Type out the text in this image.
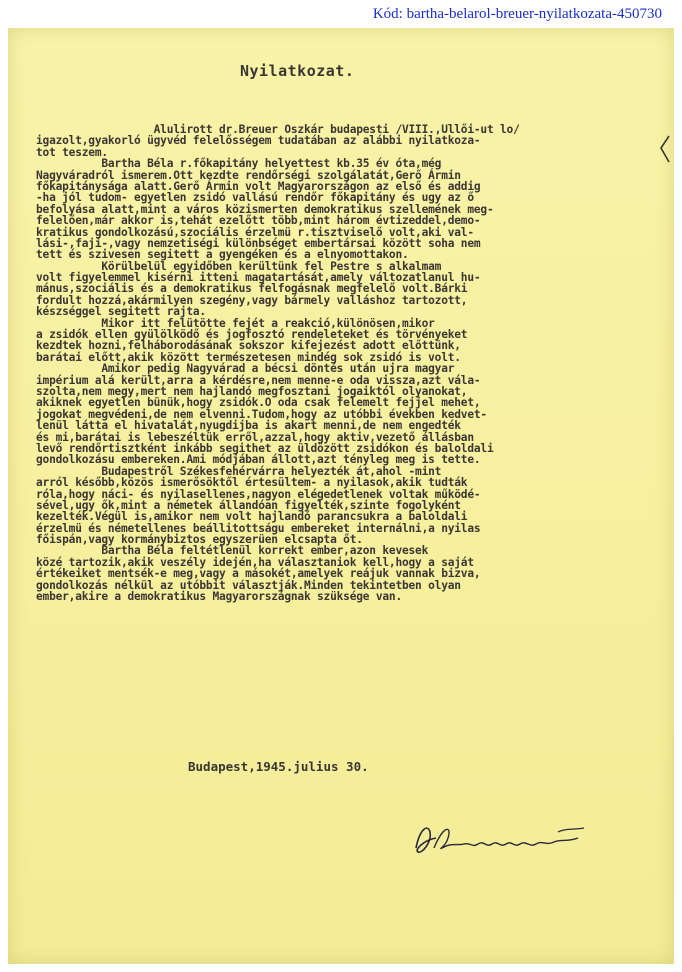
Kód: bartha-belarol-breuer-nyilatkozata-450730
Nyilatkozat.
Alulirott dr.Breuer Oszkár budapesti /VIII.,Ullői-ut lo/
igazolt,gyakorló ügyvéd felelősségem tudatában az alábbi nyilatkoza-
tot teszem.
Bartha Béla r.főkapitány helyettest kb.35 év óta,még
Nagyváradról ismerem.Ott kezdte rendőrségi szolgálatát,Gerő Ármin
főkapitánysága alatt.Gerő Ármin volt Magyarországon az első és addig
-ha jól tudom- egyetlen zsidó vallású rendőr főkapitány és ugy az ő
befolyása alatt,mint a város közismerten demokratikus szellemének meg-
felelően,már akkor is,tehát ezelőtt több,mint három évtizeddel,demo-
kratikus gondolkozású,szociális érzelmü r.tisztviselő volt,aki val-
lási-,faji-,vagy nemzetiségi különbséget embertársai között soha nem
tett és szivesen segitett a gyengéken és a elnyomottakon.
Körülbelül egyidőben kerültünk fel Pestre s alkalmam
volt figyelemmel kisérni itteni magatartását,amely változatlanul hu-
mánus,szociális és a demokratikus felfogásnak megfelelő volt.Bárki
fordult hozzá,akármilyen szegény,vagy bármely valláshoz tartozott,
készséggel segitett rajta.
Mikor itt felütötte fejét a reakció,különösen,mikor
a zsidók ellen gyülölködő és jogfosztó rendeleteket és törvényeket
kezdtek hozni,felháborodásának sokszor kifejezést adott előttünk,
barátai előtt,akik között természetesen mindég sok zsidó is volt.
Amikor pedig Nagyvárad a bécsi döntés után ujra magyar
impérium alá került,arra a kérdésre,nem menne-e oda vissza,azt vála-
szolta,nem megy,mert nem hajlandó megfosztani jogaiktól olyanokat,
akiknek egyetlen bünük,hogy zsidók.O oda csak felemelt fejjel mehet,
jogokat megvédeni,de nem elvenni.Tudom,hogy az utóbbi években kedvet-
lenül látta el hivatalát,nyugdijba is akart menni,de nem engedték
és mi,barátai is lebeszéltük erről,azzal,hogy aktiv,vezető állásban
levő rendőrtisztként inkább segithet az üldözött zsidókon és baloldali
gondolkozásu embereken.Ami módjában állott,azt tényleg meg is tette.
Budapestről Székesfehérvárra helyezték át,ahol -mint
arról később,közös ismerősöktől értesültem- a nyilasok,akik tudták
róla,hogy náci- és nyilasellenes,nagyon elégedetlenek voltak működé-
sével,ugy ők,mint a németek állandóan figyelték,szinte fogolyként
kezelték.Végül is,amikor nem volt hajlandó parancsukra a baloldali
érzelmü és németellenes beállitottságu embereket internálni,a nyilas
főispán,vagy kormánybiztos egyszerüen elcsapta őt.
Bartha Béla feltétlenül korrekt ember,azon kevesek
közé tartozik,akik veszély idején,ha választaniok kell,hogy a saját
értékeiket mentsék-e meg,vagy a másokét,amelyek reájuk vannak bizva,
gondolkozás nélkül az utóbbit választják.Minden tekintetben olyan
ember,akire a demokratikus Magyarországnak szüksége van.
Budapest,1945.julius 30.
